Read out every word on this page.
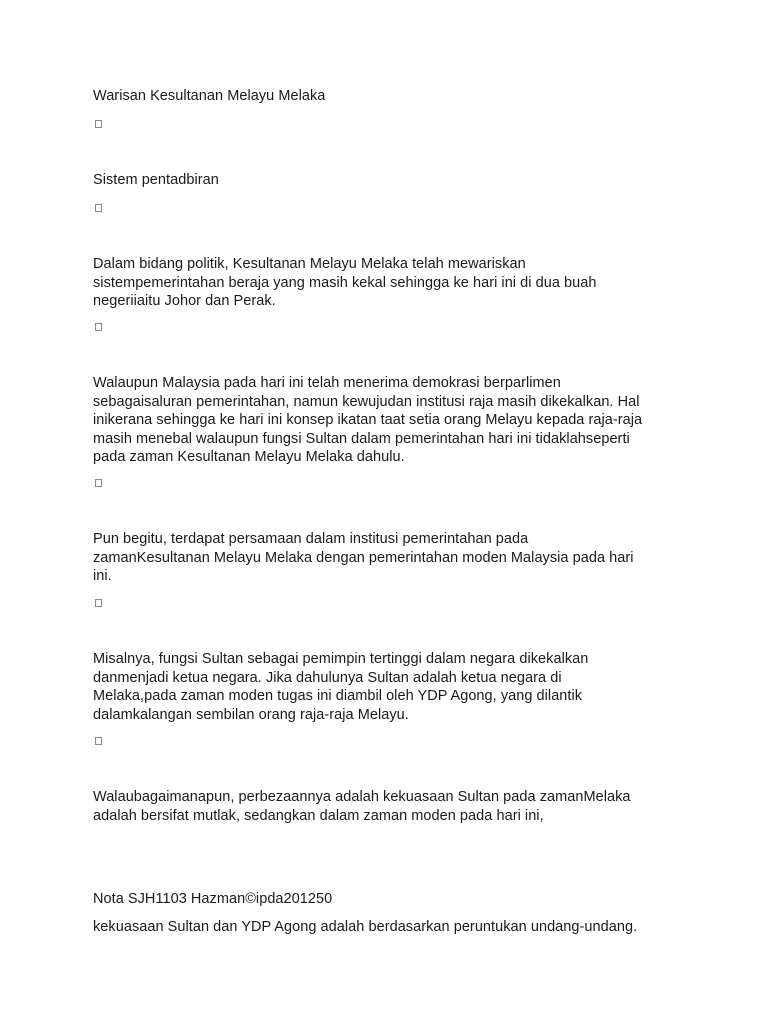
Warisan Kesultanan Melayu Melaka
Sistem pentadbiran
Dalam bidang politik, Kesultanan Melayu Melaka telah mewariskan
sistempemerintahan beraja yang masih kekal sehingga ke hari ini di dua buah
negeriiaitu Johor dan Perak.
Walaupun Malaysia pada hari ini telah menerima demokrasi berparlimen
sebagaisaluran pemerintahan, namun kewujudan institusi raja masih dikekalkan. Hal
inikerana sehingga ke hari ini konsep ikatan taat setia orang Melayu kepada raja-raja
masih menebal walaupun fungsi Sultan dalam pemerintahan hari ini tidaklahseperti
pada zaman Kesultanan Melayu Melaka dahulu.
Pun begitu, terdapat persamaan dalam institusi pemerintahan pada
zamanKesultanan Melayu Melaka dengan pemerintahan moden Malaysia pada hari
ini.
Misalnya, fungsi Sultan sebagai pemimpin tertinggi dalam negara dikekalkan
danmenjadi ketua negara. Jika dahulunya Sultan adalah ketua negara di
Melaka,pada zaman moden tugas ini diambil oleh YDP Agong, yang dilantik
dalamkalangan sembilan orang raja-raja Melayu.
Walaubagaimanapun, perbezaannya adalah kekuasaan Sultan pada zamanMelaka
adalah bersifat mutlak, sedangkan dalam zaman moden pada hari ini,
Nota SJH1103 Hazman©ipda201250
kekuasaan Sultan dan YDP Agong adalah berdasarkan peruntukan undang-undang.
